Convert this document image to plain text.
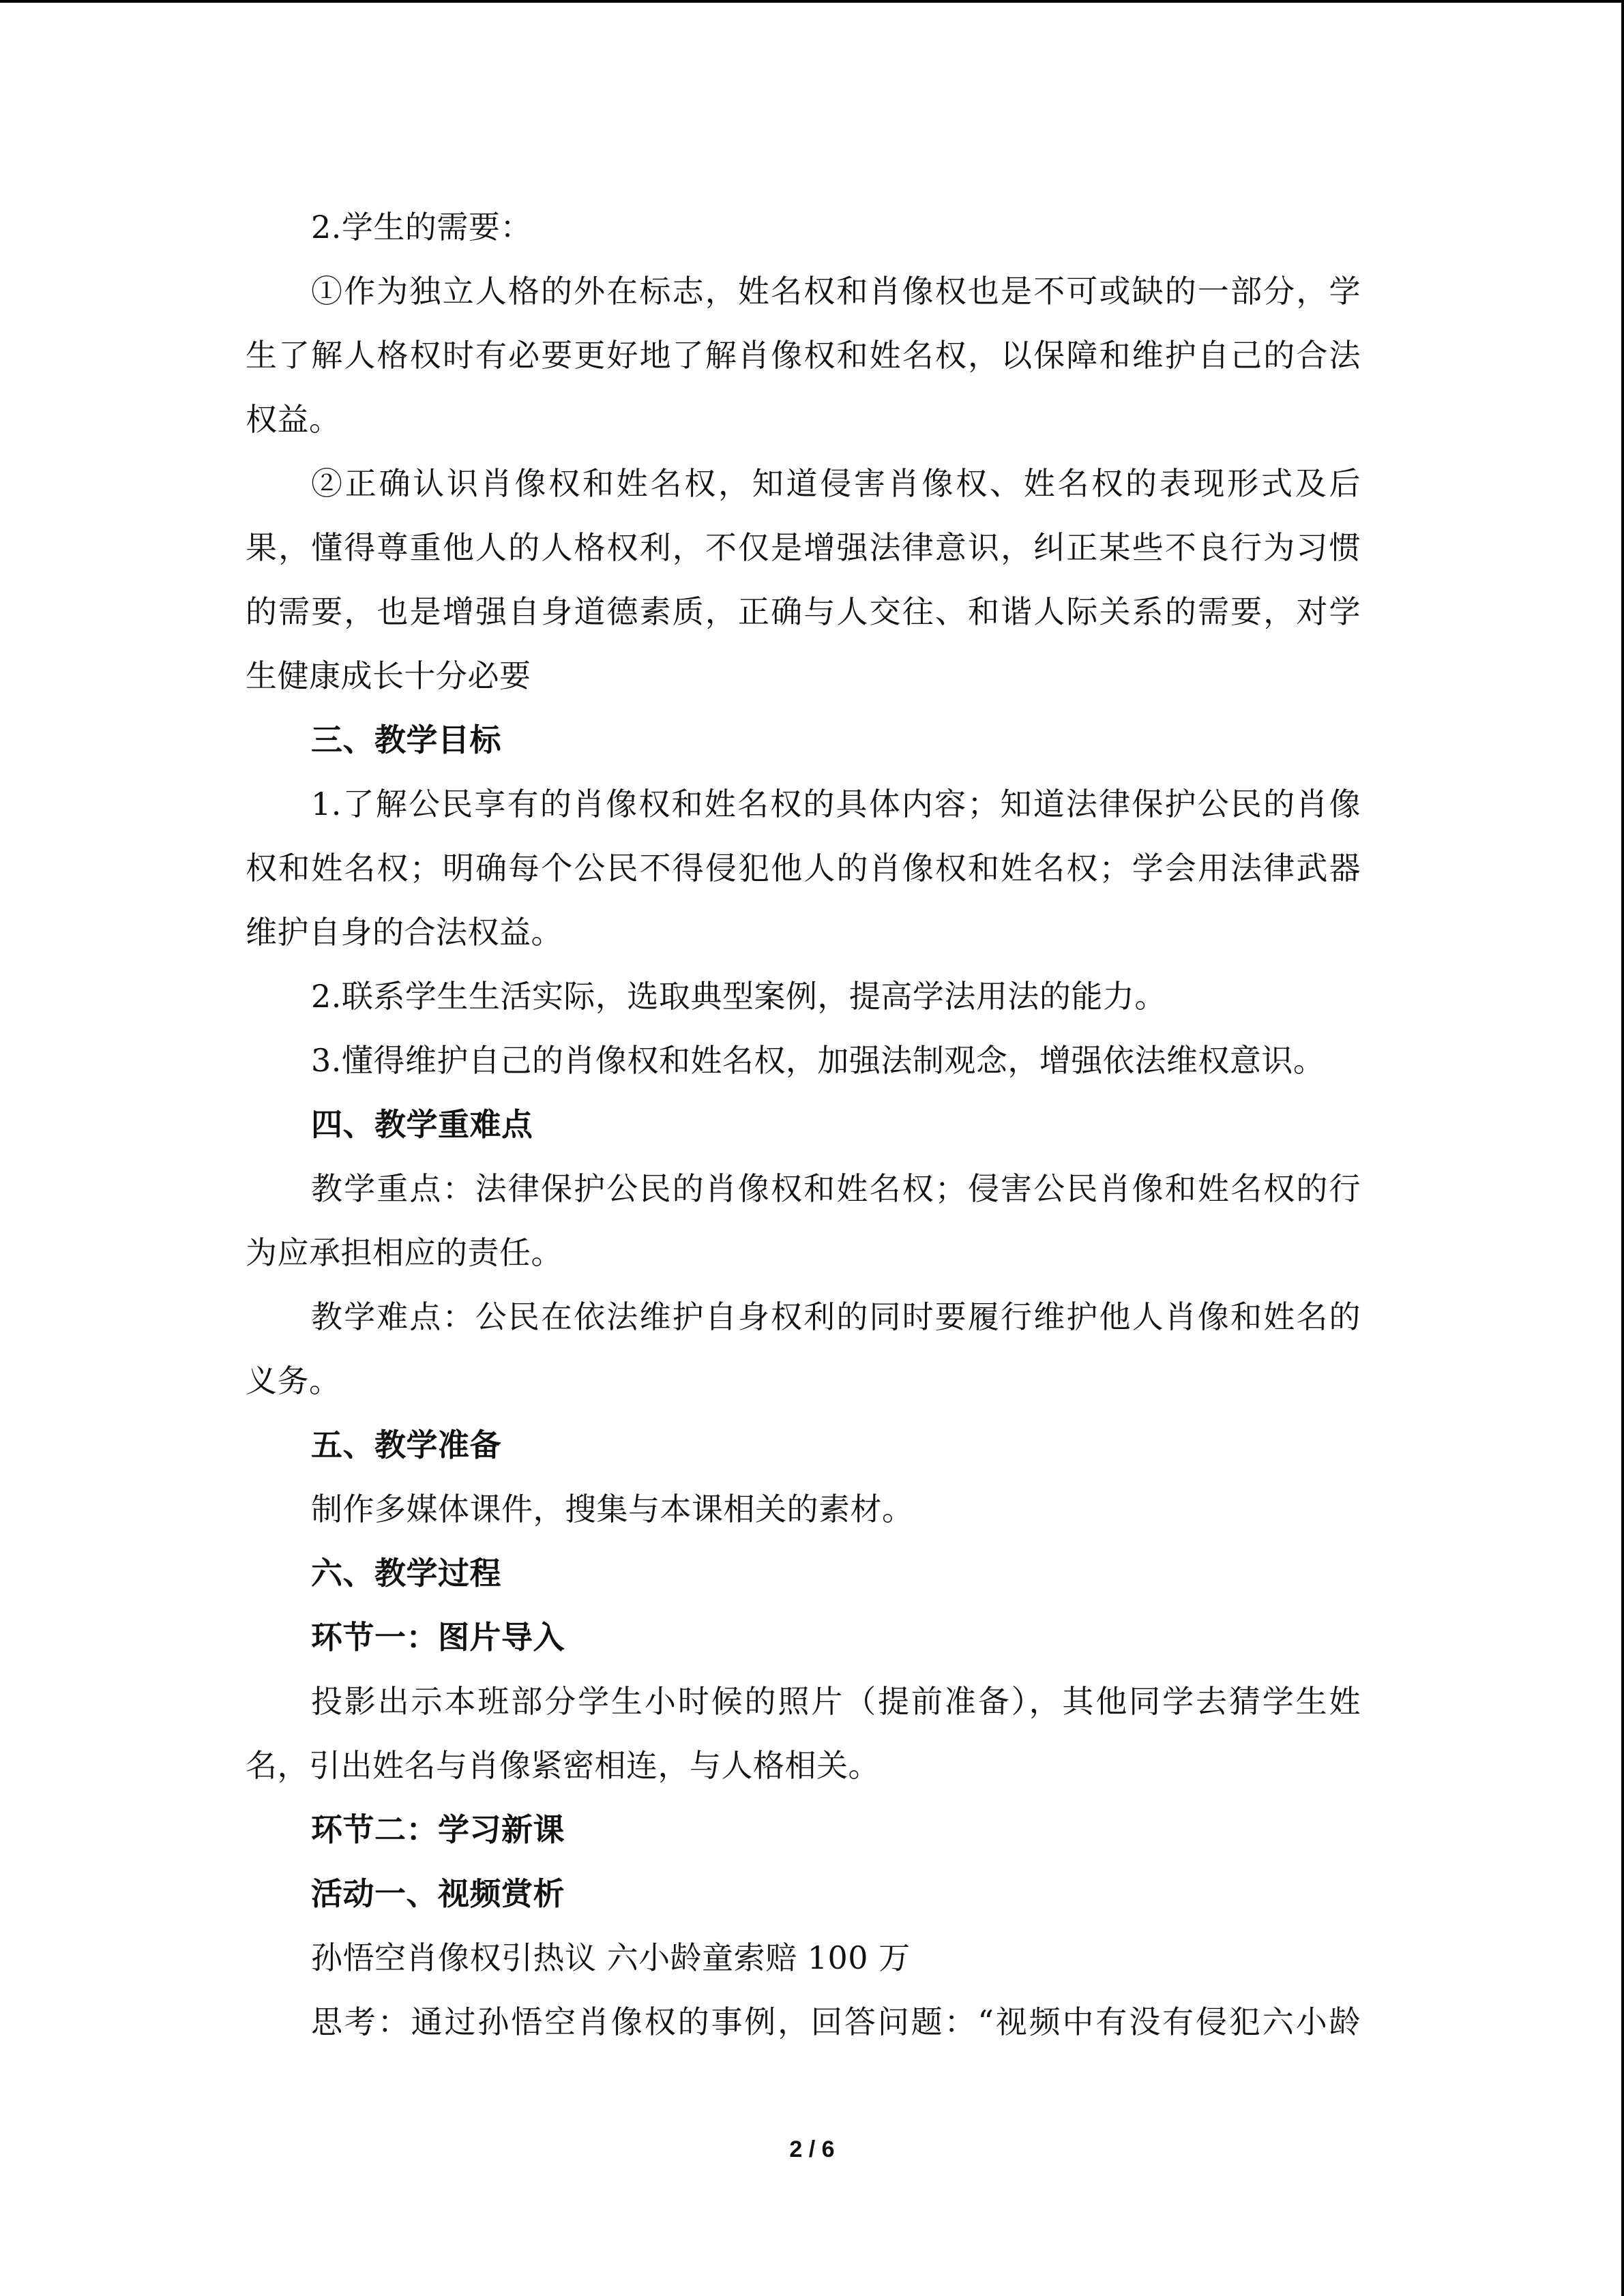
2.学生的需要：
①作为独立人格的外在标志，姓名权和肖像权也是不可或缺的一部分，学
生了解人格权时有必要更好地了解肖像权和姓名权，以保障和维护自己的合法
权益。
②正确认识肖像权和姓名权，知道侵害肖像权、姓名权的表现形式及后
果，懂得尊重他人的人格权利，不仅是增强法律意识，纠正某些不良行为习惯
的需要，也是增强自身道德素质，正确与人交往、和谐人际关系的需要，对学
生健康成长十分必要
三、教学目标
1.了解公民享有的肖像权和姓名权的具体内容；知道法律保护公民的肖像
权和姓名权；明确每个公民不得侵犯他人的肖像权和姓名权；学会用法律武器
维护自身的合法权益。
2.联系学生生活实际，选取典型案例，提高学法用法的能力。
3.懂得维护自己的肖像权和姓名权，加强法制观念，增强依法维权意识。
四、教学重难点
教学重点：法律保护公民的肖像权和姓名权；侵害公民肖像和姓名权的行
为应承担相应的责任。
教学难点：公民在依法维护自身权利的同时要履行维护他人肖像和姓名的
义务。
五、教学准备
制作多媒体课件，搜集与本课相关的素材。
六、教学过程
环节一：图片导入
投影出示本班部分学生小时候的照片（提前准备），其他同学去猜学生姓
名，引出姓名与肖像紧密相连，与人格相关。
环节二：学习新课
活动一、视频赏析
孙悟空肖像权引热议 六小龄童索赔 100 万
思考：通过孙悟空肖像权的事例，回答问题：“视频中有没有侵犯六小龄
2 / 6
